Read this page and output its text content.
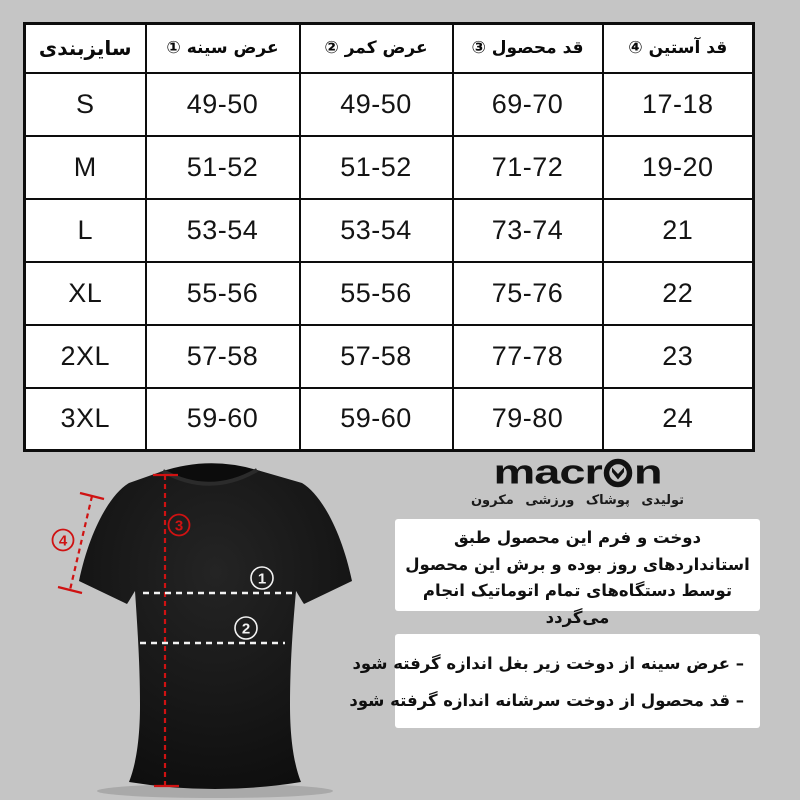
سایزبندی	عرض سینه ①	عرض کمر ②	قد محصول ③	قد آستین ④
S	49-50	49-50	69-70	17-18
M	51-52	51-52	71-72	19-20
L	53-54	53-54	73-74	21
XL	55-56	55-56	75-76	22
2XL	57-58	57-58	77-78	23
3XL	59-60	59-60	79-80	24
3
4
1
2
macr n
تولیدی پوشاک ورزشی مکرون
دوخت و فرم این محصول طبق استانداردهای روز بوده و برش این محصول توسط دستگاه‌های تمام اتوماتیک انجام می‌گردد
– عرض سینه از دوخت زیر بغل اندازه گرفته شود
– قد محصول از دوخت سرشانه اندازه گرفته شود
